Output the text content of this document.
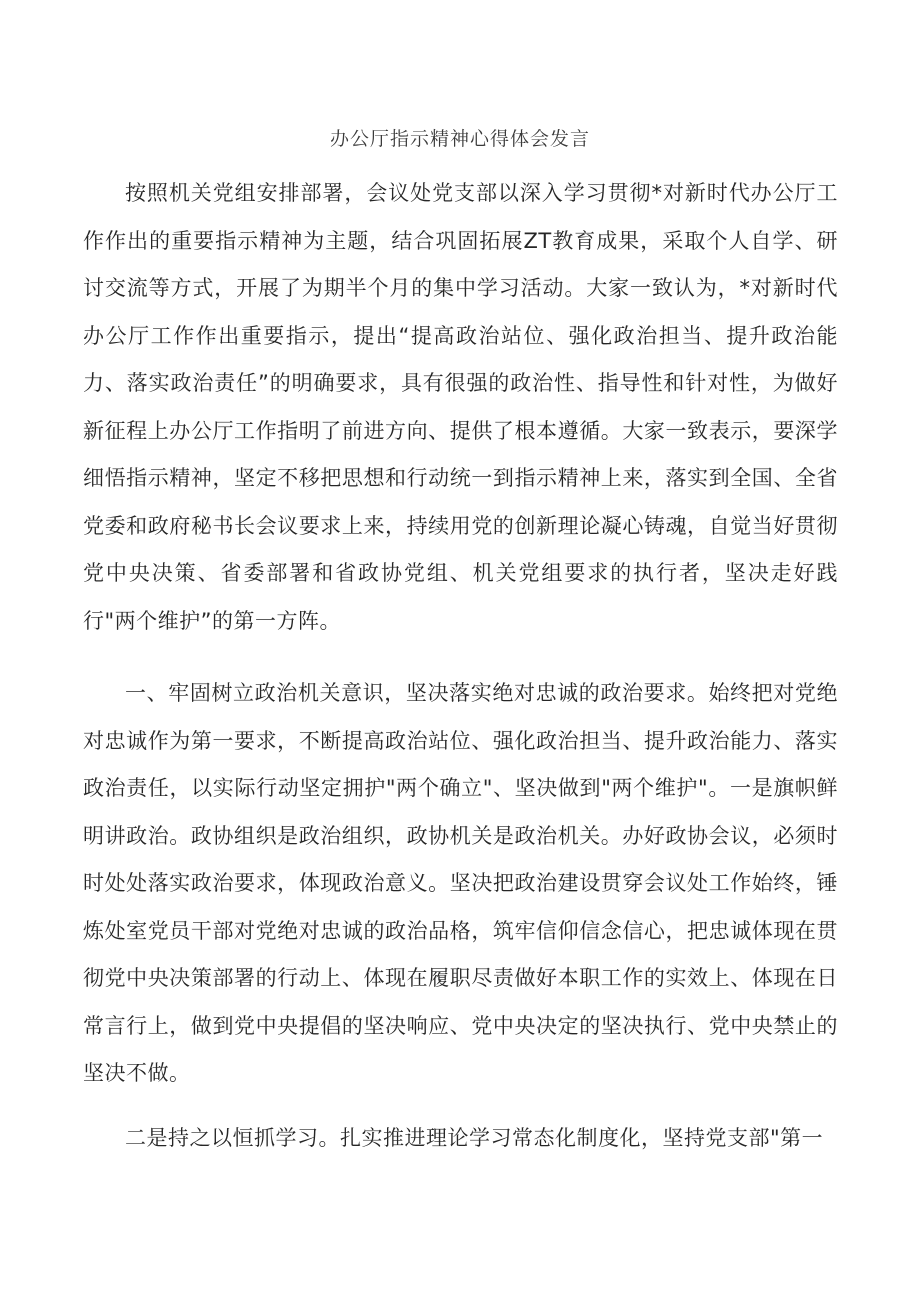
办公厅指示精神心得体会发言

按照机关党组安排部署，会议处党支部以深入学习贯彻*对新时代办公厅工作作出的重要指示精神为主题，结合巩固拓展ZT教育成果，采取个人自学、研讨交流等方式，开展了为期半个月的集中学习活动。大家一致认为，*对新时代办公厅工作作出重要指示，提出“提高政治站位、强化政治担当、提升政治能力、落实政治责任”的明确要求，具有很强的政治性、指导性和针对性，为做好新征程上办公厅工作指明了前进方向、提供了根本遵循。大家一致表示，要深学细悟指示精神，坚定不移把思想和行动统一到指示精神上来，落实到全国、全省党委和政府秘书长会议要求上来，持续用党的创新理论凝心铸魂，自觉当好贯彻党中央决策、省委部署和省政协党组、机关党组要求的执行者，坚决走好践行"两个维护”的第一方阵。

一、牢固树立政治机关意识，坚决落实绝对忠诚的政治要求。始终把对党绝对忠诚作为第一要求，不断提高政治站位、强化政治担当、提升政治能力、落实政治责任，以实际行动坚定拥护"两个确立"、坚决做到"两个维护"。一是旗帜鲜明讲政治。政协组织是政治组织，政协机关是政治机关。办好政协会议，必须时时处处落实政治要求，体现政治意义。坚决把政治建设贯穿会议处工作始终，锤炼处室党员干部对党绝对忠诚的政治品格，筑牢信仰信念信心，把忠诚体现在贯彻党中央决策部署的行动上、体现在履职尽责做好本职工作的实效上、体现在日常言行上，做到党中央提倡的坚决响应、党中央决定的坚决执行、党中央禁止的坚决不做。

二是持之以恒抓学习。扎实推进理论学习常态化制度化，坚持党支部"第一
